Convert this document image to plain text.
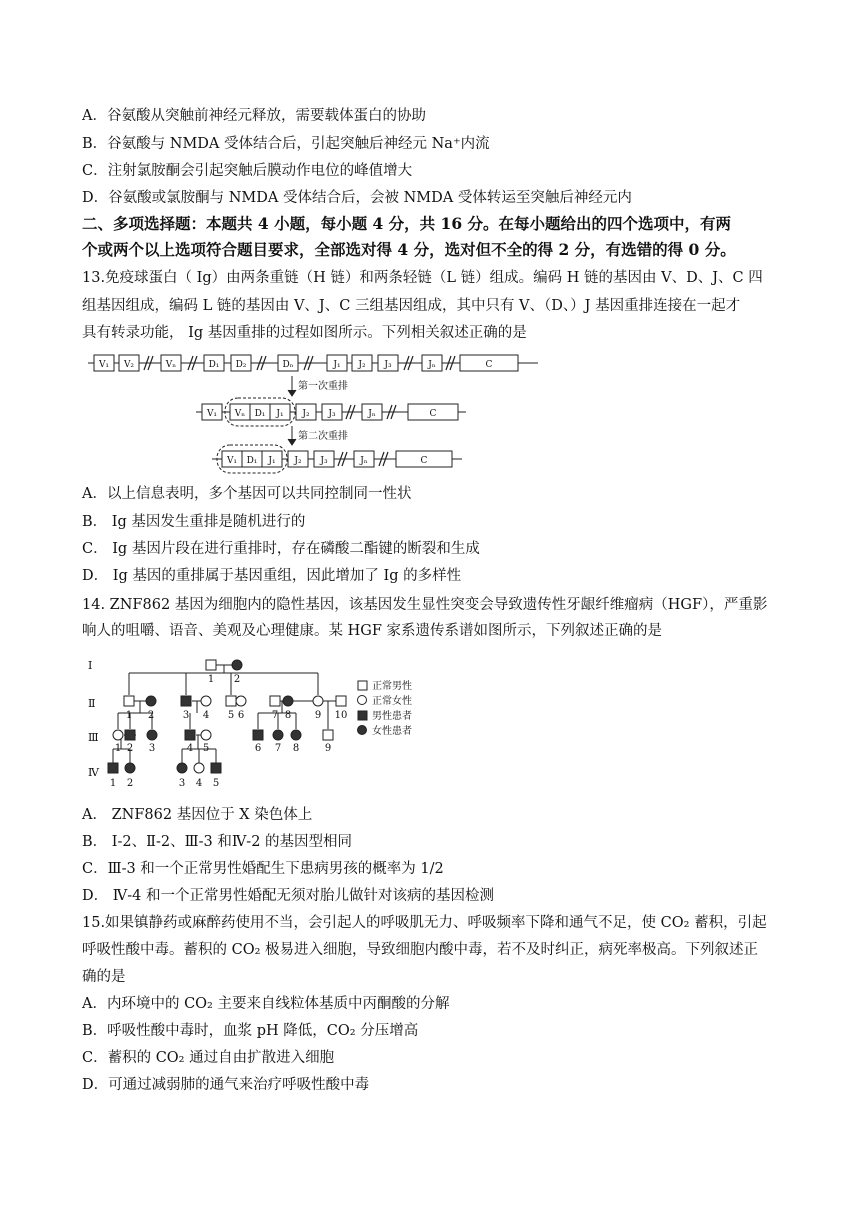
A．谷氨酸从突触前神经元释放，需要载体蛋白的协助
B．谷氨酸与 NMDA 受体结合后，引起突触后神经元 Na⁺内流
C．注射氯胺酮会引起突触后膜动作电位的峰值增大
D．谷氨酸或氯胺酮与 NMDA 受体结合后，会被 NMDA 受体转运至突触后神经元内
二、多项选择题：本题共 4 小题，每小题 4 分，共 16 分。在每小题给出的四个选项中，有两
个或两个以上选项符合题目要求，全部选对得 4 分，选对但不全的得 2 分，有选错的得 0 分。
13.免疫球蛋白（ Ig）由两条重链（H 链）和两条轻链（L 链）组成。编码 H 链的基因由 V、D、J、C 四
组基因组成，编码 L 链的基因由 V、J、C 三组基因组成，其中只有 V、（D、）J 基因重排连接在一起才
具有转录功能， Ig 基因重排的过程如图所示。下列相关叙述正确的是
V₁ V₂	Vₙ	D₁ D₂	Dₙ	J₁ J₂ J₃	Jₙ	C
V₁ Vₙ D₁ J₁ J₂ J₃	Jₙ	C
V₁ D₁ J₁ J₂ J₃	Jₙ	C
第一次重排
第二次重排
A．以上信息表明，多个基因可以共同控制同一性状
B． Ig 基因发生重排是随机进行的
C． Ig 基因片段在进行重排时，存在磷酸二酯键的断裂和生成
D． Ig 基因的重排属于基因重组，因此增加了 Ig 的多样性
14. ZNF862 基因为细胞内的隐性基因，该基因发生显性突变会导致遗传性牙龈纤维瘤病（HGF），严重影
响人的咀嚼、语音、美观及心理健康。某 HGF 家系遗传系谱如图所示，下列叙述正确的是
Ⅰ
Ⅱ
Ⅲ
Ⅳ
1 2
1 2	3 4 5 6	7 8 9 10
1 2 3	4 5	6 7 8	9
1 2	3 4 5
正常男性
正常女性
男性患者
女性患者
A． ZNF862 基因位于 X 染色体上
B． Ⅰ-2、Ⅱ-2、Ⅲ-3 和Ⅳ-2 的基因型相同
C．Ⅲ-3 和一个正常男性婚配生下患病男孩的概率为 1/2
D． Ⅳ-4 和一个正常男性婚配无须对胎儿做针对该病的基因检测
15.如果镇静药或麻醉药使用不当，会引起人的呼吸肌无力、呼吸频率下降和通气不足，使 CO₂ 蓄积，引起
呼吸性酸中毒。蓄积的 CO₂ 极易进入细胞，导致细胞内酸中毒，若不及时纠正，病死率极高。下列叙述正
确的是
A．内环境中的 CO₂ 主要来自线粒体基质中丙酮酸的分解
B．呼吸性酸中毒时，血浆 pH 降低，CO₂ 分压增高
C．蓄积的 CO₂ 通过自由扩散进入细胞
D．可通过减弱肺的通气来治疗呼吸性酸中毒
